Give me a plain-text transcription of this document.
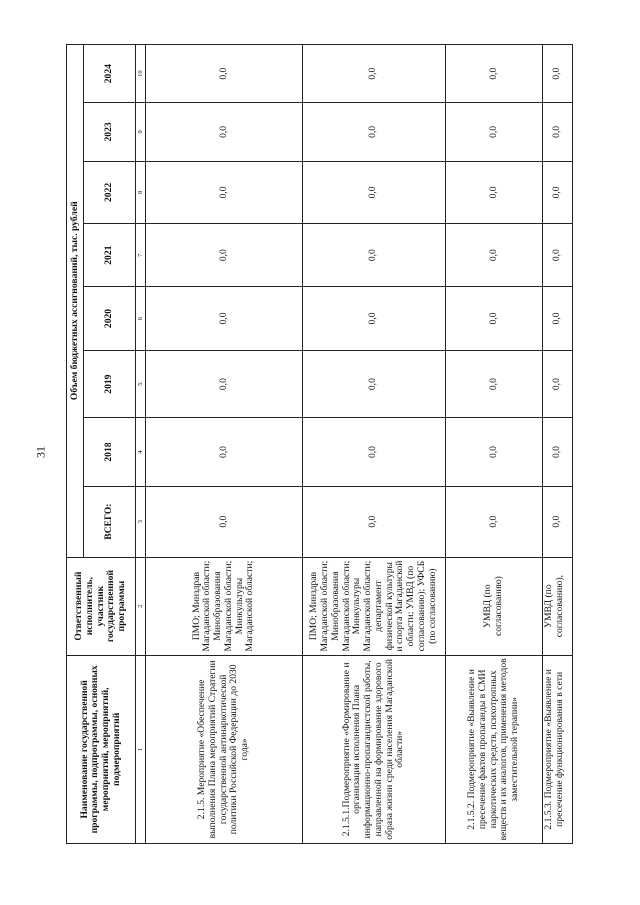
31
Наименование государственной программы, подпрограммы, основных мероприятий, мероприятий, подмероприятий	Ответственный исполнитель, участник государственной программы	Объем бюджетных ассигнований, тыс. рублей							
		ВСЕГО:	2018	2019	2020	2021	2022	2023	2024
1	2	3	4	5	6	7	8	9	10
2.1.5. Мероприятие «Обеспечение выполнения Плана мероприятий Стратегии государственной антинаркотической политики Российской Федерации до 2030 года»	ПМО; Минздрав Магаданской области; Минобразования Магаданской области; Минкультуры Магаданской области;	0,0	0,0	0,0	0,0	0,0	0,0	0,0	0,0
2.1.5.1.Подмероприятие «Формирование и организация исполнения Плана информационно-пропагандистской работы, направленной на формирование здорового образа жизни среди населения Магаданской области»	ПМО; Минздрав Магаданской области; Минобразования Магаданской области; Минкультуры Магаданской области; департамент физической культуры и спорта Магаданской области; УМВД (по согласованию); УФСБ (по согласованию)	0,0	0,0	0,0	0,0	0,0	0,0	0,0	0,0
2.1.5.2. Подмероприятие «Выявление и пресечение фактов пропаганды в СМИ наркотических средств, психотропных веществ и их аналогов, применения методов заместительной терапии»	УМВД (по согласованию)	0,0	0,0	0,0	0,0	0,0	0,0	0,0	0,0
2.1.5.3. Подмероприятие «Выявление и пресечение функционирования в сети	УМВД (по согласованию),	0,0	0,0	0,0	0,0	0,0	0,0	0,0	0,0
